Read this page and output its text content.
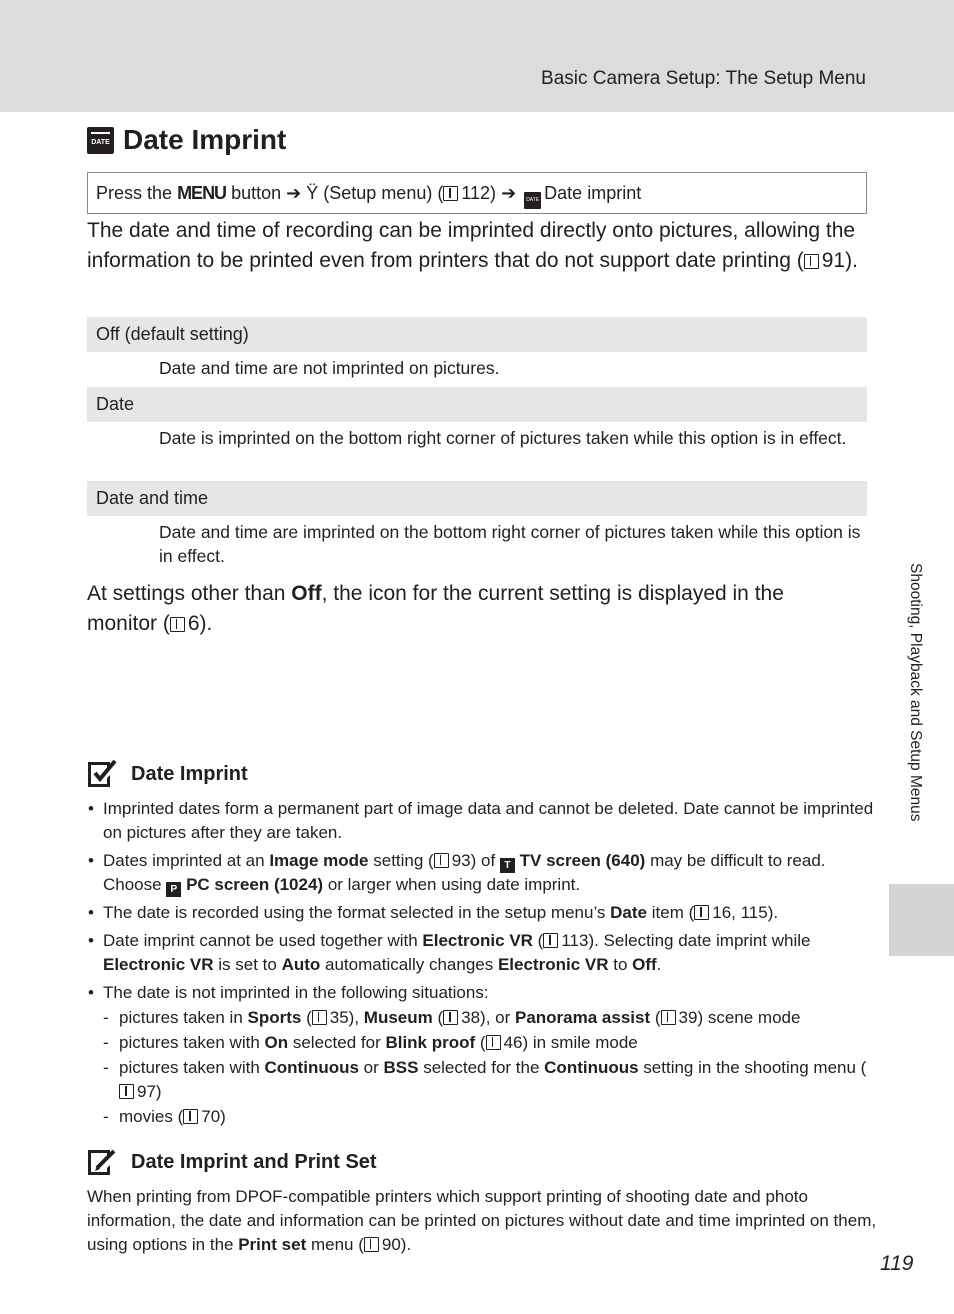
Basic Camera Setup: The Setup Menu
DATE Date Imprint
Press the MENU button ➔ Ÿ (Setup menu) ( 112) ➔ DATE Date imprint
The date and time of recording can be imprinted directly onto pictures, allowing the information to be printed even from printers that do not support date printing ( 91).
Off (default setting)
Date and time are not imprinted on pictures.
Date
Date is imprinted on the bottom right corner of pictures taken while this option is in effect.
Date and time
Date and time are imprinted on the bottom right corner of pictures taken while this option is in effect.
At settings other than Off, the icon for the current setting is displayed in the monitor ( 6).
Date Imprint
• Imprinted dates form a permanent part of image data and cannot be deleted. Date cannot be imprinted on pictures after they are taken.
• Dates imprinted at an Image mode setting ( 93) of T TV screen (640) may be difficult to read. Choose P PC screen (1024) or larger when using date imprint.
• The date is recorded using the format selected in the setup menu’s Date item ( 16, 115).
• Date imprint cannot be used together with Electronic VR ( 113). Selecting date imprint while Electronic VR is set to Auto automatically changes Electronic VR to Off.
• The date is not imprinted in the following situations:
- pictures taken in Sports ( 35), Museum ( 38), or Panorama assist ( 39) scene mode
- pictures taken with On selected for Blink proof ( 46) in smile mode
- pictures taken with Continuous or BSS selected for the Continuous setting in the shooting menu (97)
- movies ( 70)
Date Imprint and Print Set
When printing from DPOF-compatible printers which support printing of shooting date and photo information, the date and information can be printed on pictures without date and time imprinted on them, using options in the Print set menu ( 90).
Shooting, Playback and Setup Menus
119
